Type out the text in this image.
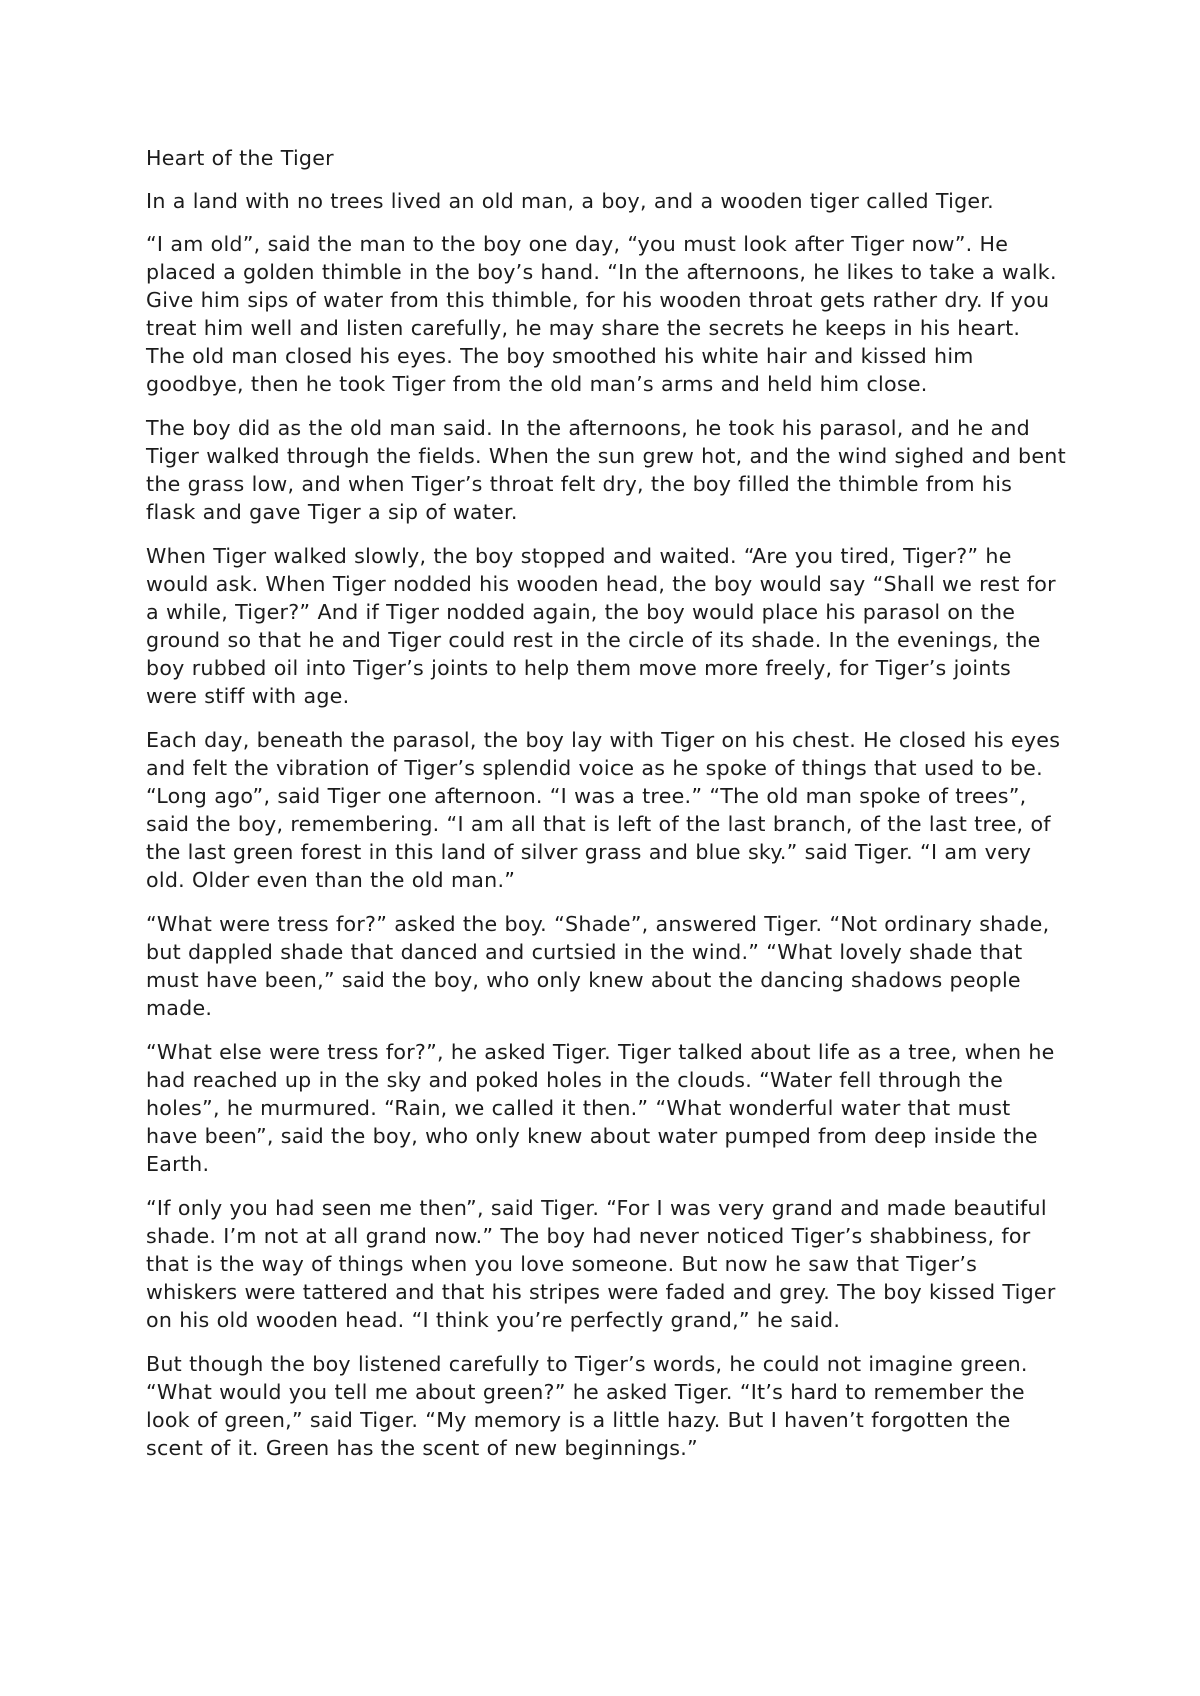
Heart of the Tiger

In a land with no trees lived an old man, a boy, and a wooden tiger called Tiger.

“I am old”, said the man to the boy one day, “you must look after Tiger now”. He placed a golden thimble in the boy’s hand. “In the afternoons, he likes to take a walk. Give him sips of water from this thimble, for his wooden throat gets rather dry. If you treat him well and listen carefully, he may share the secrets he keeps in his heart. The old man closed his eyes. The boy smoothed his white hair and kissed him goodbye, then he took Tiger from the old man’s arms and held him close.

The boy did as the old man said. In the afternoons, he took his parasol, and he and Tiger walked through the fields. When the sun grew hot, and the wind sighed and bent the grass low, and when Tiger’s throat felt dry, the boy filled the thimble from his flask and gave Tiger a sip of water.

When Tiger walked slowly, the boy stopped and waited. “Are you tired, Tiger?” he would ask. When Tiger nodded his wooden head, the boy would say “Shall we rest for a while, Tiger?” And if Tiger nodded again, the boy would place his parasol on the ground so that he and Tiger could rest in the circle of its shade. In the evenings, the boy rubbed oil into Tiger’s joints to help them move more freely, for Tiger’s joints were stiff with age.

Each day, beneath the parasol, the boy lay with Tiger on his chest. He closed his eyes and felt the vibration of Tiger’s splendid voice as he spoke of things that used to be. “Long ago”, said Tiger one afternoon. “I was a tree.” “The old man spoke of trees”, said the boy, remembering. “I am all that is left of the last branch, of the last tree, of the last green forest in this land of silver grass and blue sky.” said Tiger. “I am very old. Older even than the old man.”

“What were tress for?” asked the boy. “Shade”, answered Tiger. “Not ordinary shade, but dappled shade that danced and curtsied in the wind.” “What lovely shade that must have been,” said the boy, who only knew about the dancing shadows people made.

“What else were tress for?”, he asked Tiger. Tiger talked about life as a tree, when he had reached up in the sky and poked holes in the clouds. “Water fell through the holes”, he murmured. “Rain, we called it then.” “What wonderful water that must have been”, said the boy, who only knew about water pumped from deep inside the Earth.

“If only you had seen me then”, said Tiger. “For I was very grand and made beautiful shade. I’m not at all grand now.” The boy had never noticed Tiger’s shabbiness, for that is the way of things when you love someone. But now he saw that Tiger’s whiskers were tattered and that his stripes were faded and grey. The boy kissed Tiger on his old wooden head. “I think you’re perfectly grand,” he said.

But though the boy listened carefully to Tiger’s words, he could not imagine green. “What would you tell me about green?” he asked Tiger. “It’s hard to remember the look of green,” said Tiger. “My memory is a little hazy. But I haven’t forgotten the scent of it. Green has the scent of new beginnings.”
